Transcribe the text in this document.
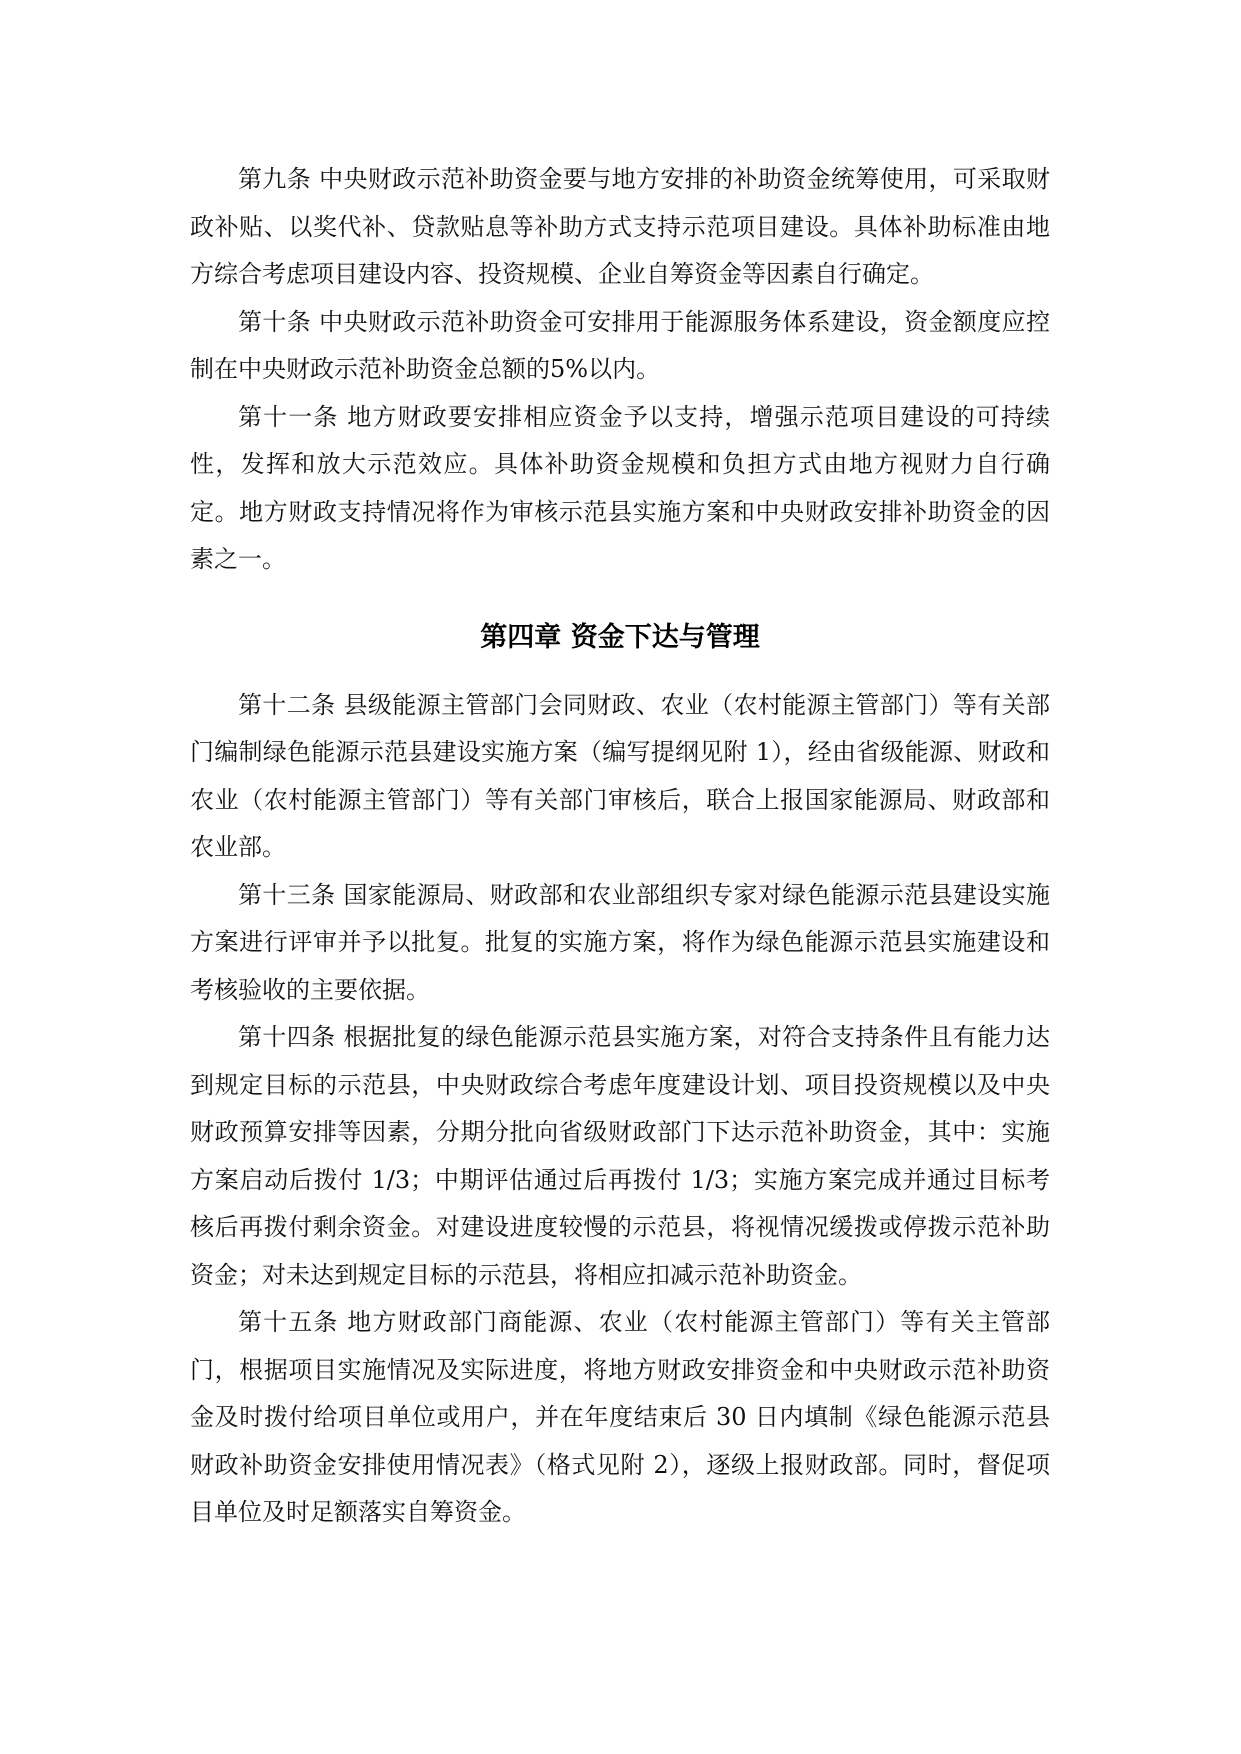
第九条 中央财政示范补助资金要与地方安排的补助资金统筹使用，可采取财政补贴、以奖代补、贷款贴息等补助方式支持示范项目建设。具体补助标准由地方综合考虑项目建设内容、投资规模、企业自筹资金等因素自行确定。

第十条 中央财政示范补助资金可安排用于能源服务体系建设，资金额度应控制在中央财政示范补助资金总额的5%以内。

第十一条 地方财政要安排相应资金予以支持，增强示范项目建设的可持续性，发挥和放大示范效应。具体补助资金规模和负担方式由地方视财力自行确定。地方财政支持情况将作为审核示范县实施方案和中央财政安排补助资金的因素之一。

第四章 资金下达与管理

第十二条 县级能源主管部门会同财政、农业（农村能源主管部门）等有关部门编制绿色能源示范县建设实施方案（编写提纲见附 1），经由省级能源、财政和农业（农村能源主管部门）等有关部门审核后，联合上报国家能源局、财政部和农业部。

第十三条 国家能源局、财政部和农业部组织专家对绿色能源示范县建设实施方案进行评审并予以批复。批复的实施方案，将作为绿色能源示范县实施建设和考核验收的主要依据。

第十四条 根据批复的绿色能源示范县实施方案，对符合支持条件且有能力达到规定目标的示范县，中央财政综合考虑年度建设计划、项目投资规模以及中央财政预算安排等因素，分期分批向省级财政部门下达示范补助资金，其中：实施方案启动后拨付 1/3；中期评估通过后再拨付 1/3；实施方案完成并通过目标考核后再拨付剩余资金。对建设进度较慢的示范县，将视情况缓拨或停拨示范补助资金；对未达到规定目标的示范县，将相应扣减示范补助资金。

第十五条 地方财政部门商能源、农业（农村能源主管部门）等有关主管部门，根据项目实施情况及实际进度，将地方财政安排资金和中央财政示范补助资金及时拨付给项目单位或用户，并在年度结束后 30 日内填制《绿色能源示范县财政补助资金安排使用情况表》（格式见附 2），逐级上报财政部。同时，督促项目单位及时足额落实自筹资金。
